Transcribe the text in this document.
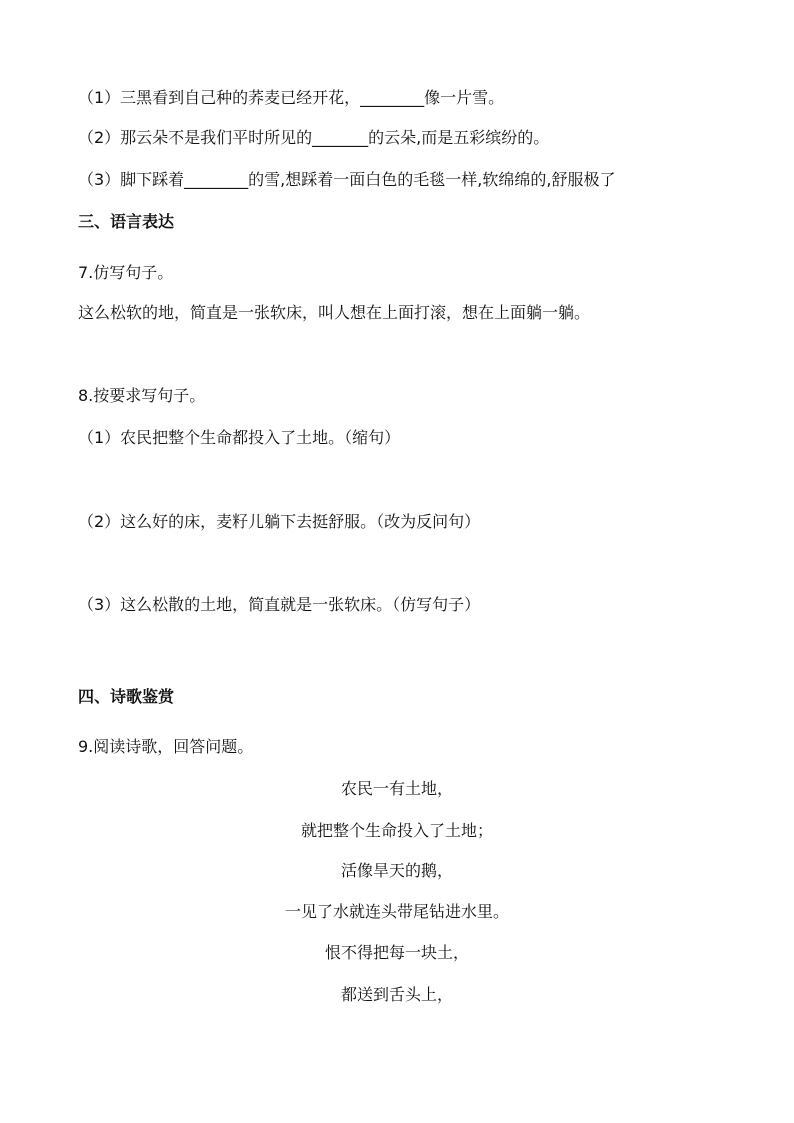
（1）三黑看到自己种的荞麦已经开花，________像一片雪。
（2）那云朵不是我们平时所见的_______的云朵,而是五彩缤纷的。
（3）脚下踩着________的雪,想踩着一面白色的毛毯一样,软绵绵的,舒服极了
三、语言表达
7.仿写句子。
这么松软的地，简直是一张软床，叫人想在上面打滚，想在上面躺一躺。
8.按要求写句子。
（1）农民把整个生命都投入了土地。（缩句）
（2）这么好的床，麦籽儿躺下去挺舒服。（改为反问句）
（3）这么松散的土地，简直就是一张软床。（仿写句子）
四、诗歌鉴赏
9.阅读诗歌，回答问题。
农民一有土地，
就把整个生命投入了土地；
活像旱天的鹅，
一见了水就连头带尾钻进水里。
恨不得把每一块土，
都送到舌头上，
